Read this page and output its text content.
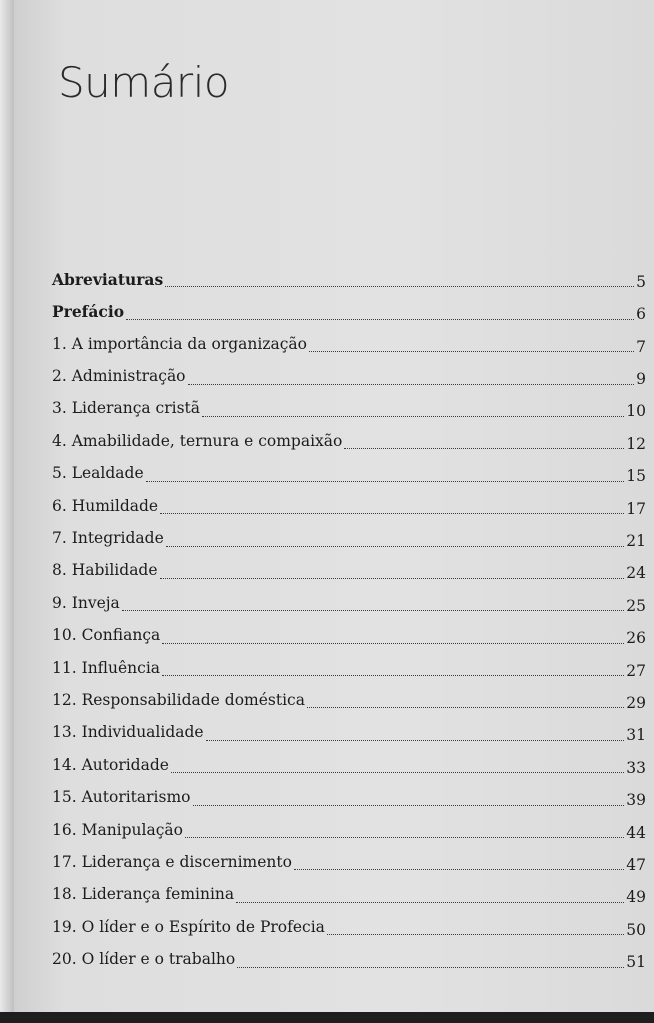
Sumário
Abreviaturas	5
Prefácio	6
1. A importância da organização	7
2. Administração	9
3. Liderança cristã	10
4. Amabilidade, ternura e compaixão	12
5. Lealdade	15
6. Humildade	17
7. Integridade	21
8. Habilidade	24
9. Inveja	25
10. Confiança	26
11. Influência	27
12. Responsabilidade doméstica	29
13. Individualidade	31
14. Autoridade	33
15. Autoritarismo	39
16. Manipulação	44
17. Liderança e discernimento	47
18. Liderança feminina	49
19. O líder e o Espírito de Profecia	50
20. O líder e o trabalho	51
